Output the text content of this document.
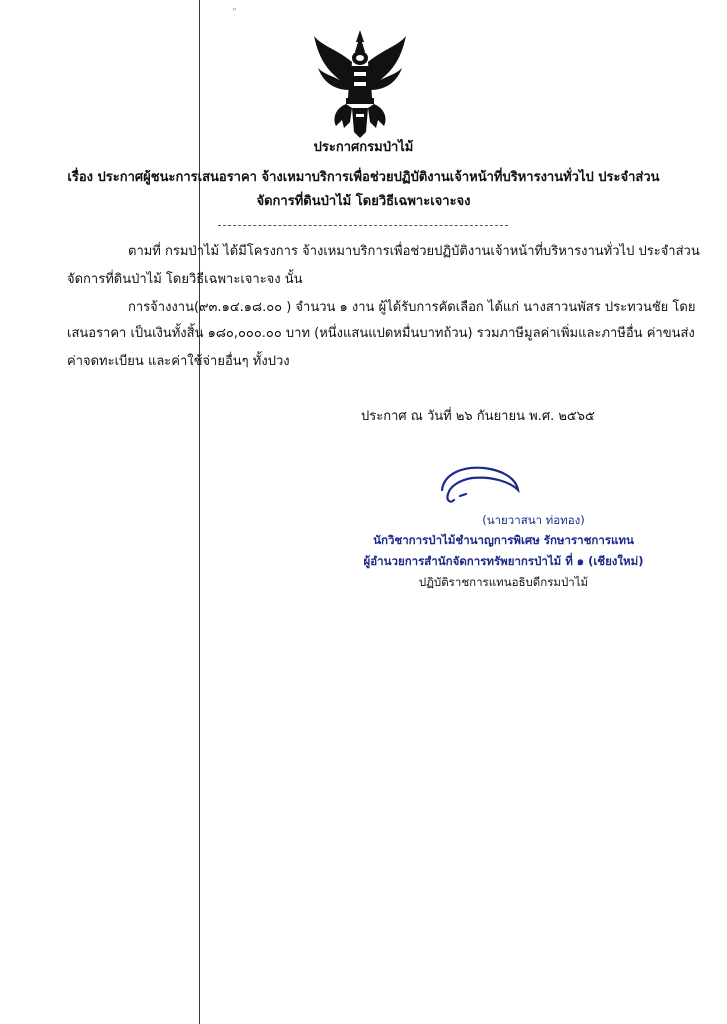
ʺ
ประกาศกรมป่าไม้
เรื่อง ประกาศผู้ชนะการเสนอราคา จ้างเหมาบริการเพื่อช่วยปฏิบัติงานเจ้าหน้าที่บริหารงานทั่วไป ประจำส่วน
จัดการที่ดินป่าไม้ โดยวิธีเฉพาะเจาะจง
ตามที่ กรมป่าไม้ ได้มีโครงการ จ้างเหมาบริการเพื่อช่วยปฏิบัติงานเจ้าหน้าที่บริหารงานทั่วไป ประจำส่วน
จัดการที่ดินป่าไม้ โดยวิธีเฉพาะเจาะจง นั้น
การจ้างงาน(๙๓.๑๔.๑๘.๐๐ ) จำนวน ๑ งาน ผู้ได้รับการคัดเลือก ได้แก่ นางสาวนพัสร ประทวนชัย โดย
เสนอราคา เป็นเงินทั้งสิ้น ๑๘๐,๐๐๐.๐๐ บาท (หนึ่งแสนแปดหมื่นบาทถ้วน) รวมภาษีมูลค่าเพิ่มและภาษีอื่น ค่าขนส่ง
ค่าจดทะเบียน และค่าใช้จ่ายอื่นๆ ทั้งปวง
ประกาศ ณ วันที่ ๒๖ กันยายน พ.ศ. ๒๕๖๕
(นายวาสนา ท่อทอง)
นักวิชาการป่าไม้ชำนาญการพิเศษ รักษาราชการแทน
ผู้อำนวยการสำนักจัดการทรัพยากรป่าไม้ ที่ ๑ (เชียงใหม่)
ปฏิบัติราชการแทนอธิบดีกรมป่าไม้
